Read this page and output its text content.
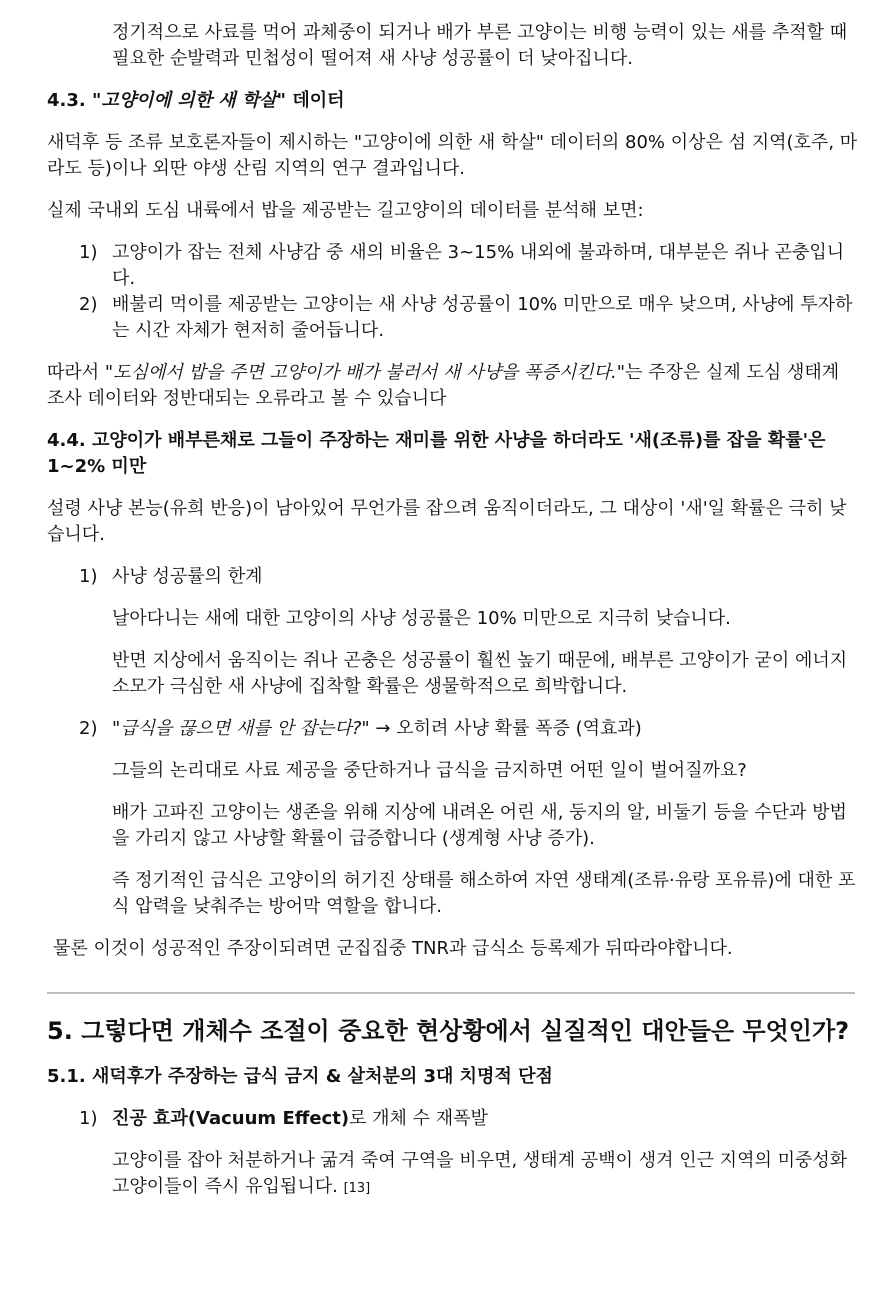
정기적으로 사료를 먹어 과체중이 되거나 배가 부른 고양이는 비행 능력이 있는 새를 추적할 때 필요한 순발력과 민첩성이 떨어져 새 사냥 성공률이 더 낮아집니다.

4.3. "고양이에 의한 새 학살" 데이터

새덕후 등 조류 보호론자들이 제시하는 "고양이에 의한 새 학살" 데이터의 80% 이상은 섬 지역(호주, 마라도 등)이나 외딴 야생 산림 지역의 연구 결과입니다.

실제 국내외 도심 내륙에서 밥을 제공받는 길고양이의 데이터를 분석해 보면:

1) 고양이가 잡는 전체 사냥감 중 새의 비율은 3~15% 내외에 불과하며, 대부분은 쥐나 곤충입니다.
2) 배불리 먹이를 제공받는 고양이는 새 사냥 성공률이 10% 미만으로 매우 낮으며, 사냥에 투자하는 시간 자체가 현저히 줄어듭니다.

따라서 "도심에서 밥을 주면 고양이가 배가 불러서 새 사냥을 폭증시킨다."는 주장은 실제 도심 생태계 조사 데이터와 정반대되는 오류라고 볼 수 있습니다

4.4. 고양이가 배부른채로 그들이 주장하는 재미를 위한 사냥을 하더라도 '새(조류)를 잡을 확률'은 1~2% 미만

설령 사냥 본능(유희 반응)이 남아있어 무언가를 잡으려 움직이더라도, 그 대상이 '새'일 확률은 극히 낮습니다.

1) 사냥 성공률의 한계

날아다니는 새에 대한 고양이의 사냥 성공률은 10% 미만으로 지극히 낮습니다.

반면 지상에서 움직이는 쥐나 곤충은 성공률이 훨씬 높기 때문에, 배부른 고양이가 굳이 에너지 소모가 극심한 새 사냥에 집착할 확률은 생물학적으로 희박합니다.

2) "급식을 끊으면 새를 안 잡는다?" → 오히려 사냥 확률 폭증 (역효과)

그들의 논리대로 사료 제공을 중단하거나 급식을 금지하면 어떤 일이 벌어질까요?

배가 고파진 고양이는 생존을 위해 지상에 내려온 어린 새, 둥지의 알, 비둘기 등을 수단과 방법을 가리지 않고 사냥할 확률이 급증합니다 (생계형 사냥 증가).

즉 정기적인 급식은 고양이의 허기진 상태를 해소하여 자연 생태계(조류·유랑 포유류)에 대한 포식 압력을 낮춰주는 방어막 역할을 합니다.

물론 이것이 성공적인 주장이되려면 군집집중 TNR과 급식소 등록제가 뒤따라야합니다.

5. 그렇다면 개체수 조절이 중요한 현상황에서 실질적인 대안들은 무엇인가?
5.1. 새덕후가 주장하는 급식 금지 & 살처분의 3대 치명적 단점
1) 진공 효과(Vacuum Effect)로 개체 수 재폭발

고양이를 잡아 처분하거나 굶겨 죽여 구역을 비우면, 생태계 공백이 생겨 인근 지역의 미중성화 고양이들이 즉시 유입됩니다. [13]
